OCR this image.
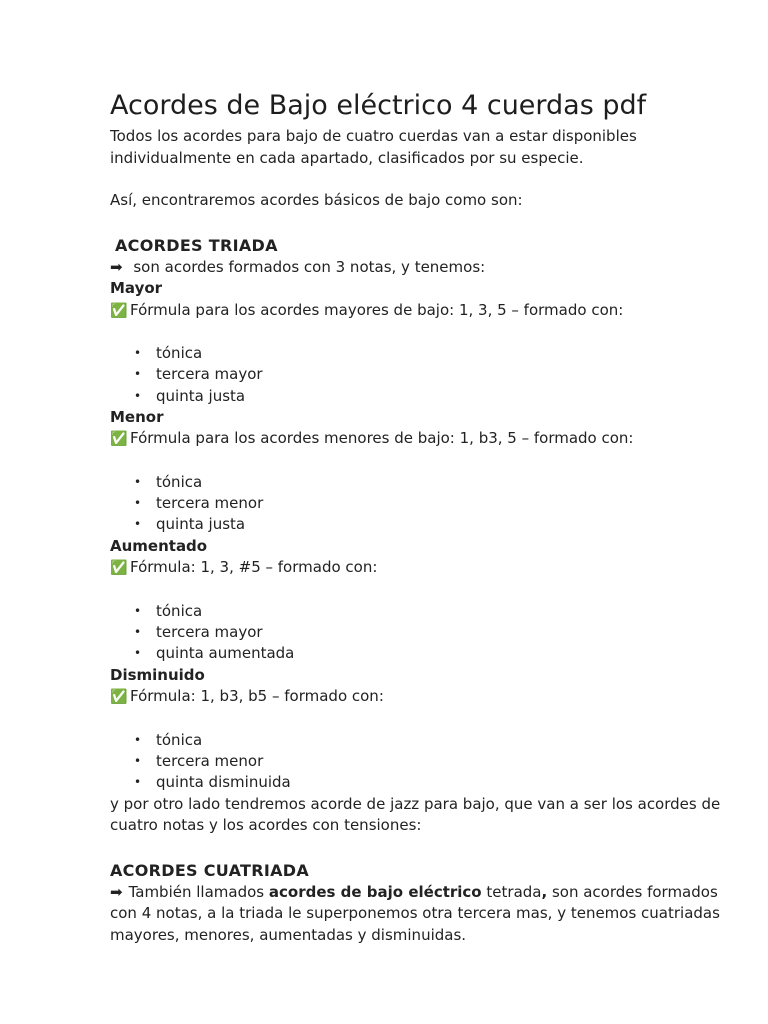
Acordes de Bajo eléctrico 4 cuerdas pdf

Todos los acordes para bajo de cuatro cuerdas van a estar disponibles individualmente en cada apartado, clasificados por su especie.

Así, encontraremos acordes básicos de bajo como son:

ACORDES TRIADA

➡ son acordes formados con 3 notas, y tenemos:

Mayor

✅ Fórmula para los acordes mayores de bajo: 1, 3, 5 – formado con:

• tónica
• tercera mayor
• quinta justa

Menor

✅ Fórmula para los acordes menores de bajo: 1, b3, 5 – formado con:

• tónica
• tercera menor
• quinta justa

Aumentado

✅ Fórmula: 1, 3, #5 – formado con:

• tónica
• tercera mayor
• quinta aumentada

Disminuido

✅ Fórmula: 1, b3, b5 – formado con:

• tónica
• tercera menor
• quinta disminuida

y por otro lado tendremos acorde de jazz para bajo, que van a ser los acordes de cuatro notas y los acordes con tensiones:

ACORDES CUATRIADA

➡ También llamados acordes de bajo eléctrico tetrada, son acordes formados con 4 notas, a la triada le superponemos otra tercera mas, y tenemos cuatriadas mayores, menores, aumentadas y disminuidas.
